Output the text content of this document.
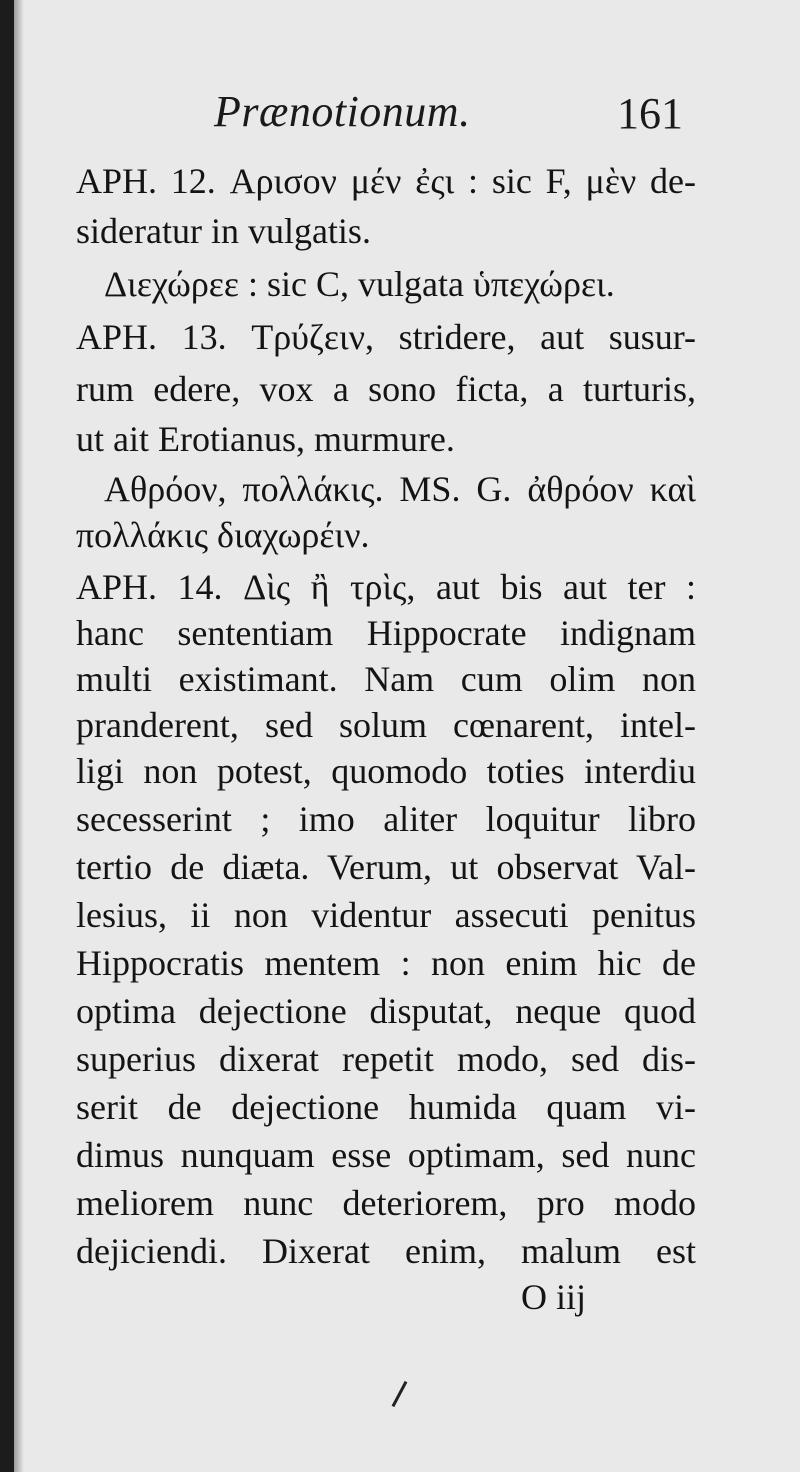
Prænotionum.	161

APH. 12. Αρισον μέν ἐςι : sic F, μὲν de-

sideratur in vulgatis.

Διεχώρεε : sic C, vulgata ὑπεχώρει.

APH. 13. Τρύζειν, stridere, aut susur-

rum edere, vox a sono ficta, a turturis,

ut ait Erotianus, murmure.

Αθρόον, πολλάκις. MS. G. ἀθρόον καὶ

πολλάκις διαχωρέιν.

APH. 14. Δὶς ἢ τρὶς, aut bis aut ter :

hanc sententiam Hippocrate indignam

multi existimant. Nam cum olim non

pranderent, sed solum cœnarent, intel-

ligi non potest, quomodo toties interdiu

secesserint ; imo aliter loquitur libro

tertio de diæta. Verum, ut observat Val-

lesius, ii non videntur assecuti penitus

Hippocratis mentem : non enim hic de

optima dejectione disputat, neque quod

superius dixerat repetit modo, sed dis-

serit de dejectione humida quam vi-

dimus nunquam esse optimam, sed nunc

meliorem nunc deteriorem, pro modo

dejiciendi. Dixerat enim, malum est

O iij
